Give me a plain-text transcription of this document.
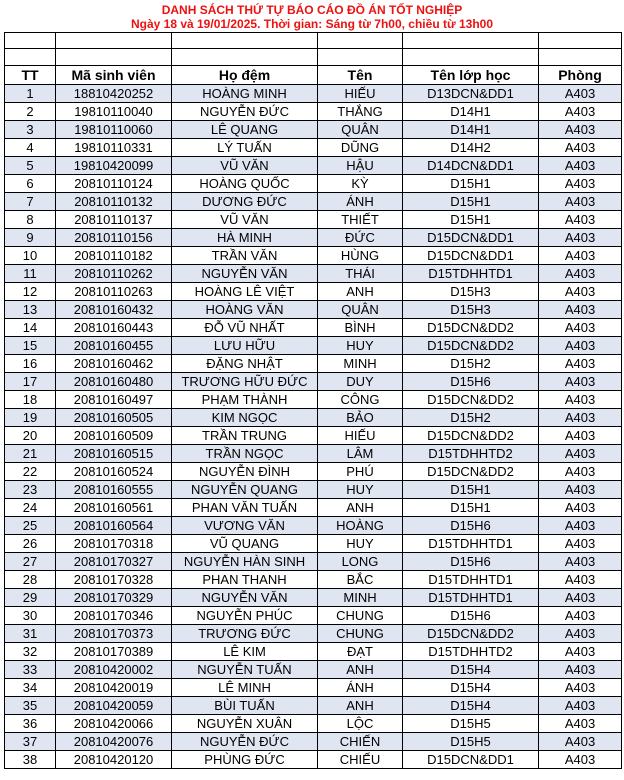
DANH SÁCH THỨ TỰ BÁO CÁO ĐỒ ÁN TỐT NGHIỆP
Ngày 18 và 19/01/2025. Thời gian: Sáng từ 7h00, chiều từ 13h00

TT	Mã sinh viên	Họ đệm	Tên	Tên lớp học	Phòng
1	18810420252	HOÀNG MINH	HIẾU	D13DCN&DD1	A403
2	19810110040	NGUYỄN ĐỨC	THẮNG	D14H1	A403
3	19810110060	LÊ QUANG	QUÂN	D14H1	A403
4	19810110331	LÝ TUẤN	DŨNG	D14H2	A403
5	19810420099	VŨ VĂN	HẬU	D14DCN&DD1	A403
6	20810110124	HOÀNG QUỐC	KỲ	D15H1	A403
7	20810110132	DƯƠNG ĐỨC	ÁNH	D15H1	A403
8	20810110137	VŨ VĂN	THIẾT	D15H1	A403
9	20810110156	HÀ MINH	ĐỨC	D15DCN&DD1	A403
10	20810110182	TRẦN VĂN	HÙNG	D15DCN&DD1	A403
11	20810110262	NGUYỄN VĂN	THÁI	D15TDHHTD1	A403
12	20810110263	HOÀNG LÊ VIỆT	ANH	D15H3	A403
13	20810160432	HOÀNG VĂN	QUÂN	D15H3	A403
14	20810160443	ĐỖ VŨ NHẤT	BÌNH	D15DCN&DD2	A403
15	20810160455	LƯU HỮU	HUY	D15DCN&DD2	A403
16	20810160462	ĐẶNG NHẬT	MINH	D15H2	A403
17	20810160480	TRƯƠNG HỮU ĐỨC	DUY	D15H6	A403
18	20810160497	PHẠM THÀNH	CÔNG	D15DCN&DD2	A403
19	20810160505	KIM NGỌC	BẢO	D15H2	A403
20	20810160509	TRẦN TRUNG	HIẾU	D15DCN&DD2	A403
21	20810160515	TRẦN NGỌC	LÂM	D15TDHHTD2	A403
22	20810160524	NGUYỄN ĐÌNH	PHÚ	D15DCN&DD2	A403
23	20810160555	NGUYỄN QUANG	HUY	D15H1	A403
24	20810160561	PHAN VĂN TUẤN	ANH	D15H1	A403
25	20810160564	VƯƠNG VĂN	HOÀNG	D15H6	A403
26	20810170318	VŨ QUANG	HUY	D15TDHHTD1	A403
27	20810170327	NGUYỄN HÀN SINH	LONG	D15H6	A403
28	20810170328	PHAN THANH	BẮC	D15TDHHTD1	A403
29	20810170329	NGUYỄN VĂN	MINH	D15TDHHTD1	A403
30	20810170346	NGUYỄN PHÚC	CHUNG	D15H6	A403
31	20810170373	TRƯƠNG ĐỨC	CHUNG	D15DCN&DD2	A403
32	20810170389	LÊ KIM	ĐẠT	D15TDHHTD2	A403
33	20810420002	NGUYỄN TUẤN	ANH	D15H4	A403
34	20810420019	LÊ MINH	ÁNH	D15H4	A403
35	20810420059	BÙI TUẤN	ANH	D15H4	A403
36	20810420066	NGUYỄN XUÂN	LỘC	D15H5	A403
37	20810420076	NGUYỄN ĐỨC	CHIẾN	D15H5	A403
38	20810420120	PHÙNG ĐỨC	CHIẾU	D15DCN&DD1	A403
